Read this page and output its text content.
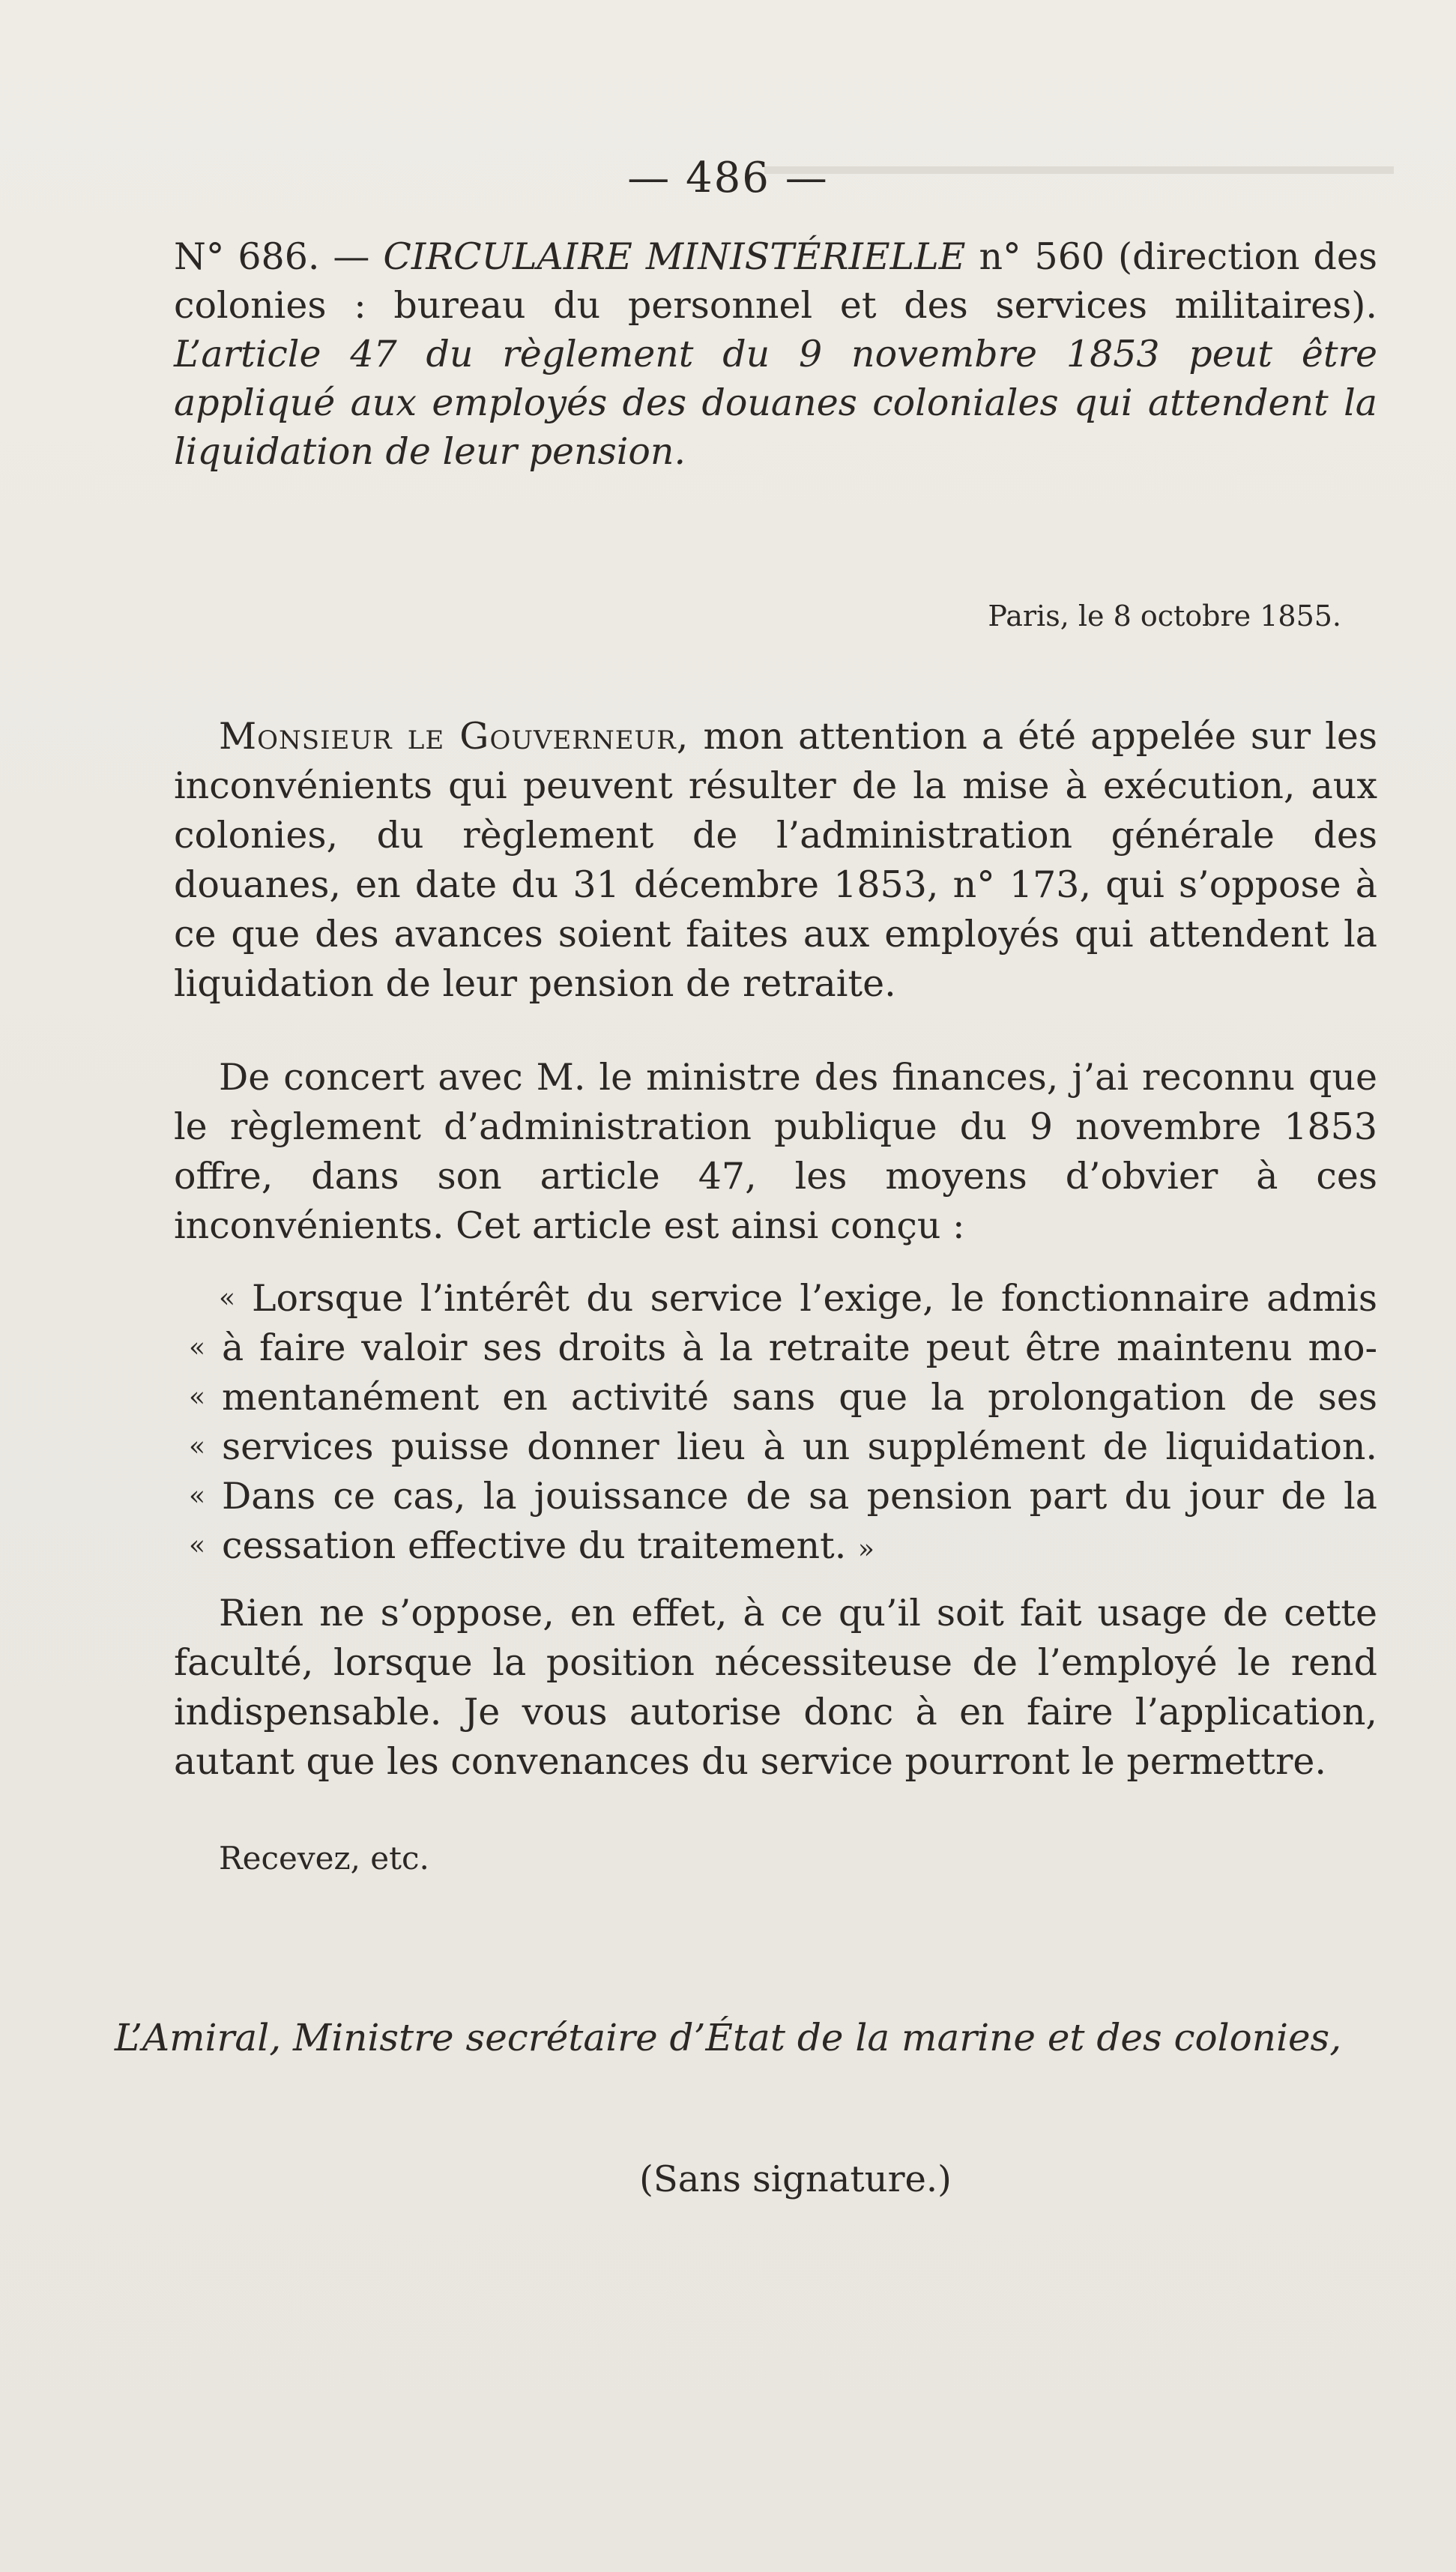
— 486 —
N° 686. — CIRCULAIRE MINISTÉRIELLE n° 560 (direction des colonies : bureau du personnel et des services militaires). L’article 47 du règlement du 9 novembre 1853 peut être appliqué aux employés des douanes coloniales qui attendent la liquidation de leur pension.
Paris, le 8 octobre 1855.
Monsieur le Gouverneur, mon attention a été appelée sur les inconvénients qui peuvent résulter de la mise à exécution, aux colonies, du règlement de l’administration générale des douanes, en date du 31 décembre 1853, n° 173, qui s’oppose à ce que des avances soient faites aux employés qui attendent la liquidation de leur pension de retraite.
De concert avec M. le ministre des finances, j’ai reconnu que le règlement d’administration publique du 9 novembre 1853 offre, dans son article 47, les moyens d’obvier à ces inconvénients. Cet article est ainsi conçu :
« Lorsque l’intérêt du service l’exige, le fonctionnaire admis
« à faire valoir ses droits à la retraite peut être maintenu mo-
« mentanément en activité sans que la prolongation de ses
« services puisse donner lieu à un supplément de liquidation.
« Dans ce cas, la jouissance de sa pension part du jour de la
« cessation effective du traitement. »
Rien ne s’oppose, en effet, à ce qu’il soit fait usage de cette faculté, lorsque la position nécessiteuse de l’employé le rend indispensable. Je vous autorise donc à en faire l’application, autant que les convenances du service pourront le permettre.
Recevez, etc.
L’Amiral, Ministre secrétaire d’État de la marine et des colonies,
(Sans signature.)
